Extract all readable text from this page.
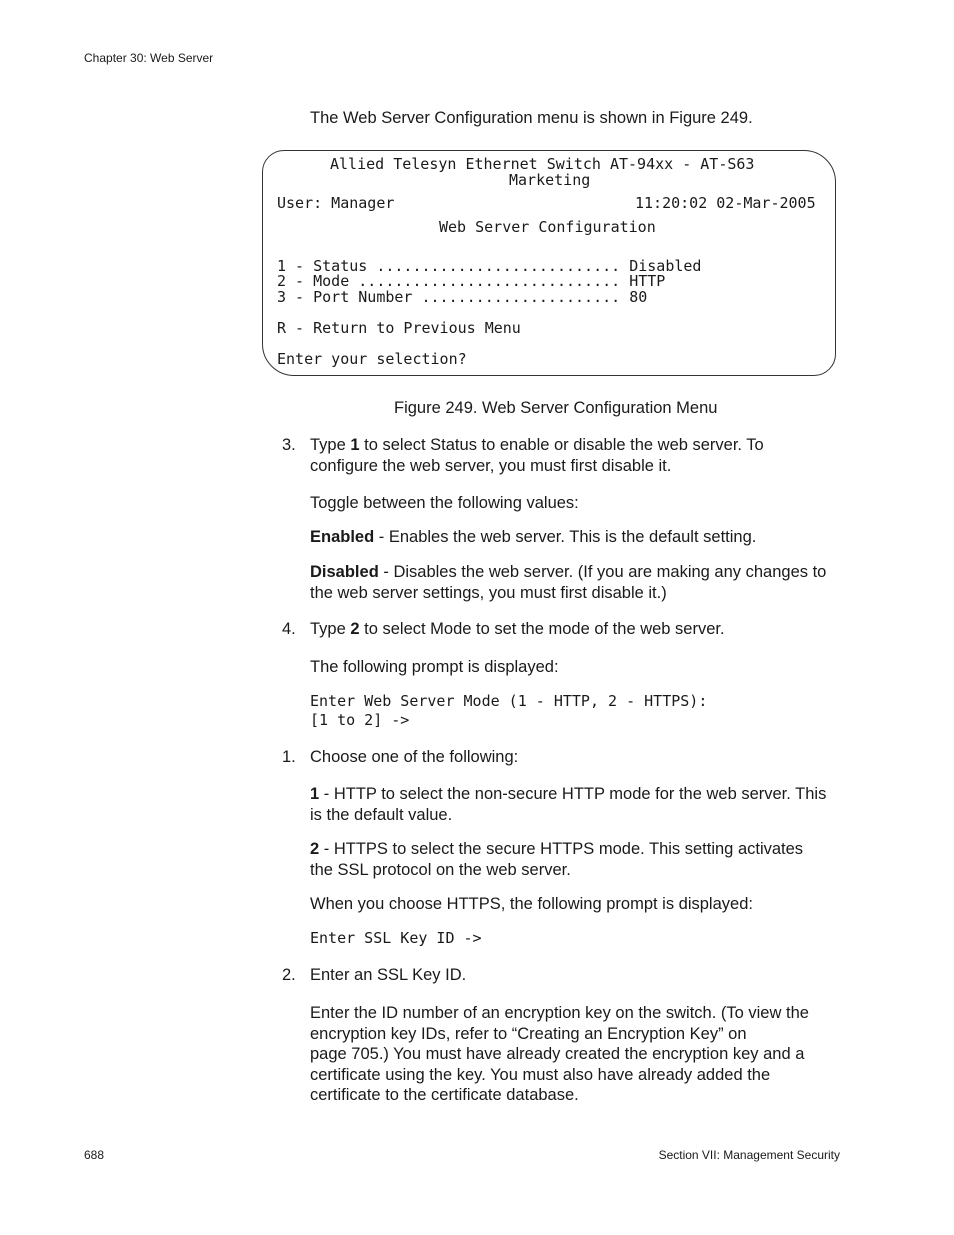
Chapter 30: Web Server
The Web Server Configuration menu is shown in Figure 249.
Allied Telesyn Ethernet Switch AT-94xx - AT-S63
Marketing
User: Manager	11:20:02 02-Mar-2005
Web Server Configuration
1 - Status ........................... Disabled
2 - Mode ............................. HTTP
3 - Port Number ...................... 80
R - Return to Previous Menu
Enter your selection?
Figure 249. Web Server Configuration Menu
3. Type 1 to select Status to enable or disable the web server. To
configure the web server, you must first disable it.
Toggle between the following values:
Enabled - Enables the web server. This is the default setting.
Disabled - Disables the web server. (If you are making any changes to
the web server settings, you must first disable it.)
4. Type 2 to select Mode to set the mode of the web server.
The following prompt is displayed:
Enter Web Server Mode (1 - HTTP, 2 - HTTPS):
[1 to 2] ->
1. Choose one of the following:
1 - HTTP to select the non-secure HTTP mode for the web server. This
is the default value.
2 - HTTPS to select the secure HTTPS mode. This setting activates
the SSL protocol on the web server.
When you choose HTTPS, the following prompt is displayed:
Enter SSL Key ID ->
2. Enter an SSL Key ID.
Enter the ID number of an encryption key on the switch. (To view the
encryption key IDs, refer to “Creating an Encryption Key” on
page 705.) You must have already created the encryption key and a
certificate using the key. You must also have already added the
certificate to the certificate database.
688	Section VII: Management Security
